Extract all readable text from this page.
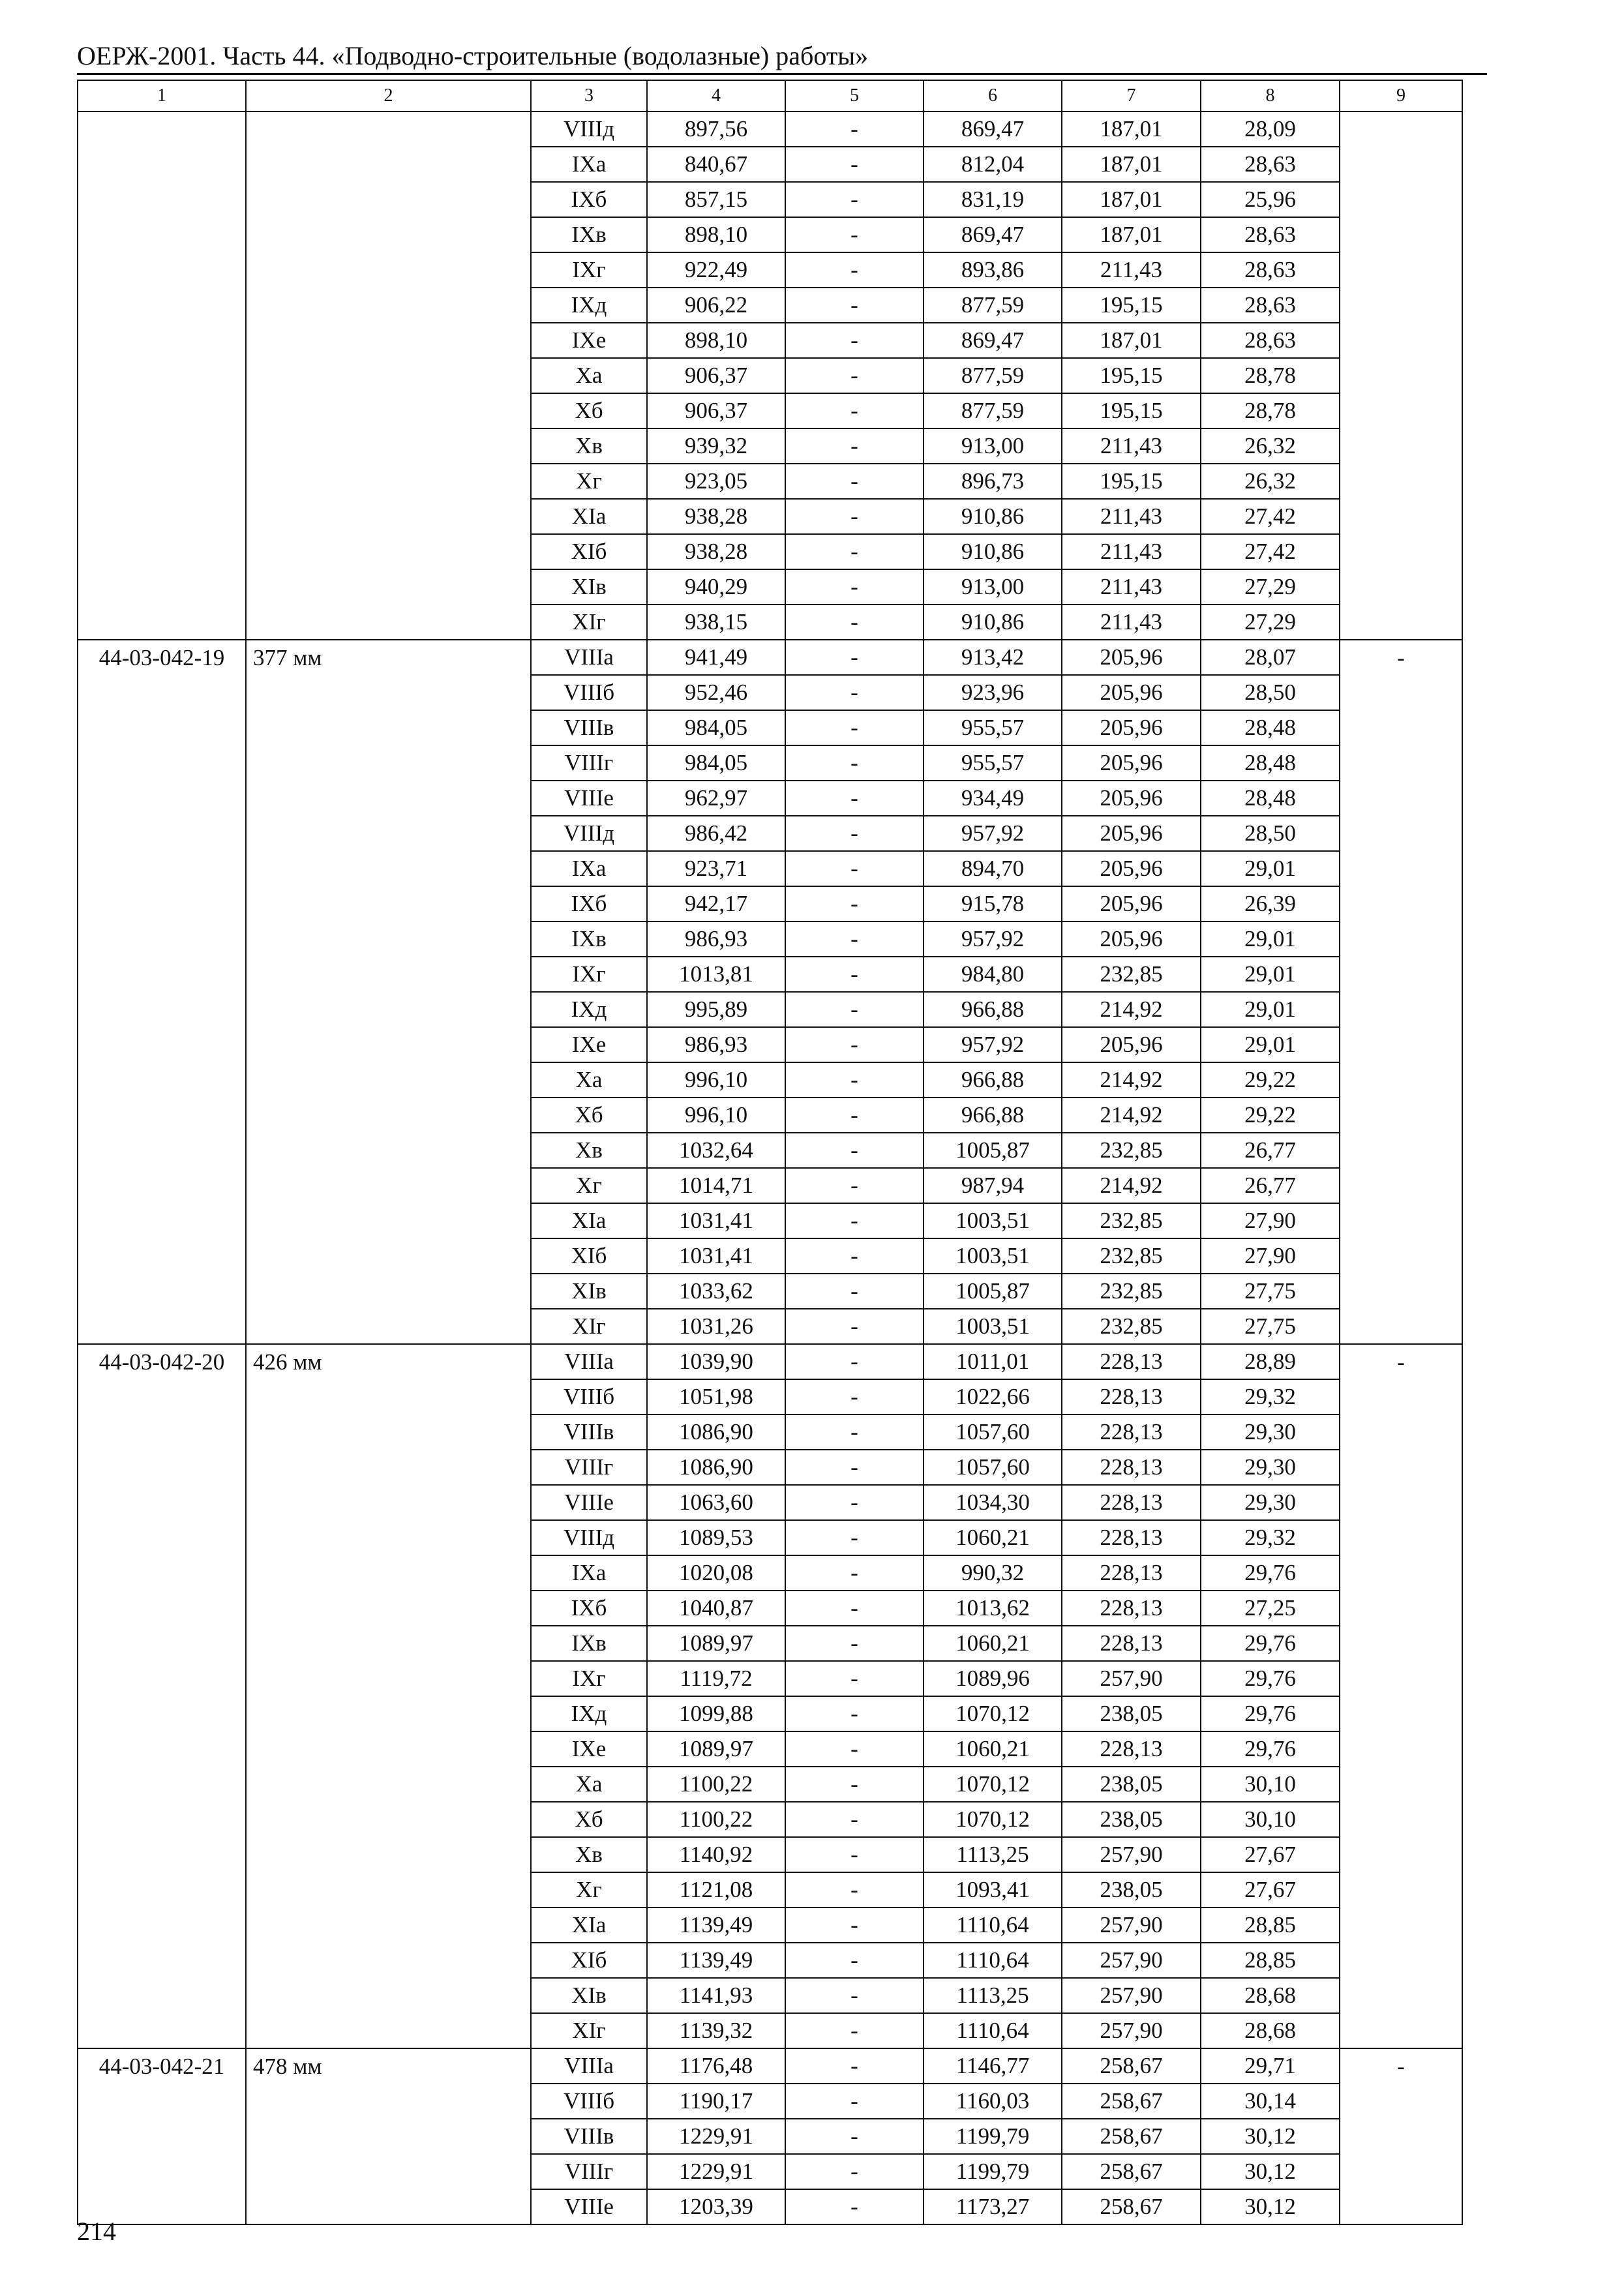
ОЕРЖ-2001. Часть 44. «Подводно-строительные (водолазные) работы»
1	2	3	4	5	6	7	8	9
		VIIIд	897,56	-	869,47	187,01	28,09	
		IXа	840,67	-	812,04	187,01	28,63	
		IXб	857,15	-	831,19	187,01	25,96	
		IXв	898,10	-	869,47	187,01	28,63	
		IXг	922,49	-	893,86	211,43	28,63	
		IXд	906,22	-	877,59	195,15	28,63	
		IXе	898,10	-	869,47	187,01	28,63	
		Xа	906,37	-	877,59	195,15	28,78	
		Xб	906,37	-	877,59	195,15	28,78	
		Xв	939,32	-	913,00	211,43	26,32	
		Xг	923,05	-	896,73	195,15	26,32	
		XIа	938,28	-	910,86	211,43	27,42	
		XIб	938,28	-	910,86	211,43	27,42	
		XIв	940,29	-	913,00	211,43	27,29	
		XIг	938,15	-	910,86	211,43	27,29	
44-03-042-19	377 мм	VIIIа	941,49	-	913,42	205,96	28,07	-
		VIIIб	952,46	-	923,96	205,96	28,50	
		VIIIв	984,05	-	955,57	205,96	28,48	
		VIIIг	984,05	-	955,57	205,96	28,48	
		VIIIе	962,97	-	934,49	205,96	28,48	
		VIIIд	986,42	-	957,92	205,96	28,50	
		IXа	923,71	-	894,70	205,96	29,01	
		IXб	942,17	-	915,78	205,96	26,39	
		IXв	986,93	-	957,92	205,96	29,01	
		IXг	1013,81	-	984,80	232,85	29,01	
		IXд	995,89	-	966,88	214,92	29,01	
		IXе	986,93	-	957,92	205,96	29,01	
		Xа	996,10	-	966,88	214,92	29,22	
		Xб	996,10	-	966,88	214,92	29,22	
		Xв	1032,64	-	1005,87	232,85	26,77	
		Xг	1014,71	-	987,94	214,92	26,77	
		XIа	1031,41	-	1003,51	232,85	27,90	
		XIб	1031,41	-	1003,51	232,85	27,90	
		XIв	1033,62	-	1005,87	232,85	27,75	
		XIг	1031,26	-	1003,51	232,85	27,75	
44-03-042-20	426 мм	VIIIа	1039,90	-	1011,01	228,13	28,89	-
		VIIIб	1051,98	-	1022,66	228,13	29,32	
		VIIIв	1086,90	-	1057,60	228,13	29,30	
		VIIIг	1086,90	-	1057,60	228,13	29,30	
		VIIIе	1063,60	-	1034,30	228,13	29,30	
		VIIIд	1089,53	-	1060,21	228,13	29,32	
		IXа	1020,08	-	990,32	228,13	29,76	
		IXб	1040,87	-	1013,62	228,13	27,25	
		IXв	1089,97	-	1060,21	228,13	29,76	
		IXг	1119,72	-	1089,96	257,90	29,76	
		IXд	1099,88	-	1070,12	238,05	29,76	
		IXе	1089,97	-	1060,21	228,13	29,76	
		Xа	1100,22	-	1070,12	238,05	30,10	
		Xб	1100,22	-	1070,12	238,05	30,10	
		Xв	1140,92	-	1113,25	257,90	27,67	
		Xг	1121,08	-	1093,41	238,05	27,67	
		XIа	1139,49	-	1110,64	257,90	28,85	
		XIб	1139,49	-	1110,64	257,90	28,85	
		XIв	1141,93	-	1113,25	257,90	28,68	
		XIг	1139,32	-	1110,64	257,90	28,68	
44-03-042-21	478 мм	VIIIа	1176,48	-	1146,77	258,67	29,71	-
		VIIIб	1190,17	-	1160,03	258,67	30,14	
		VIIIв	1229,91	-	1199,79	258,67	30,12	
		VIIIг	1229,91	-	1199,79	258,67	30,12	
		VIIIе	1203,39	-	1173,27	258,67	30,12	
214
